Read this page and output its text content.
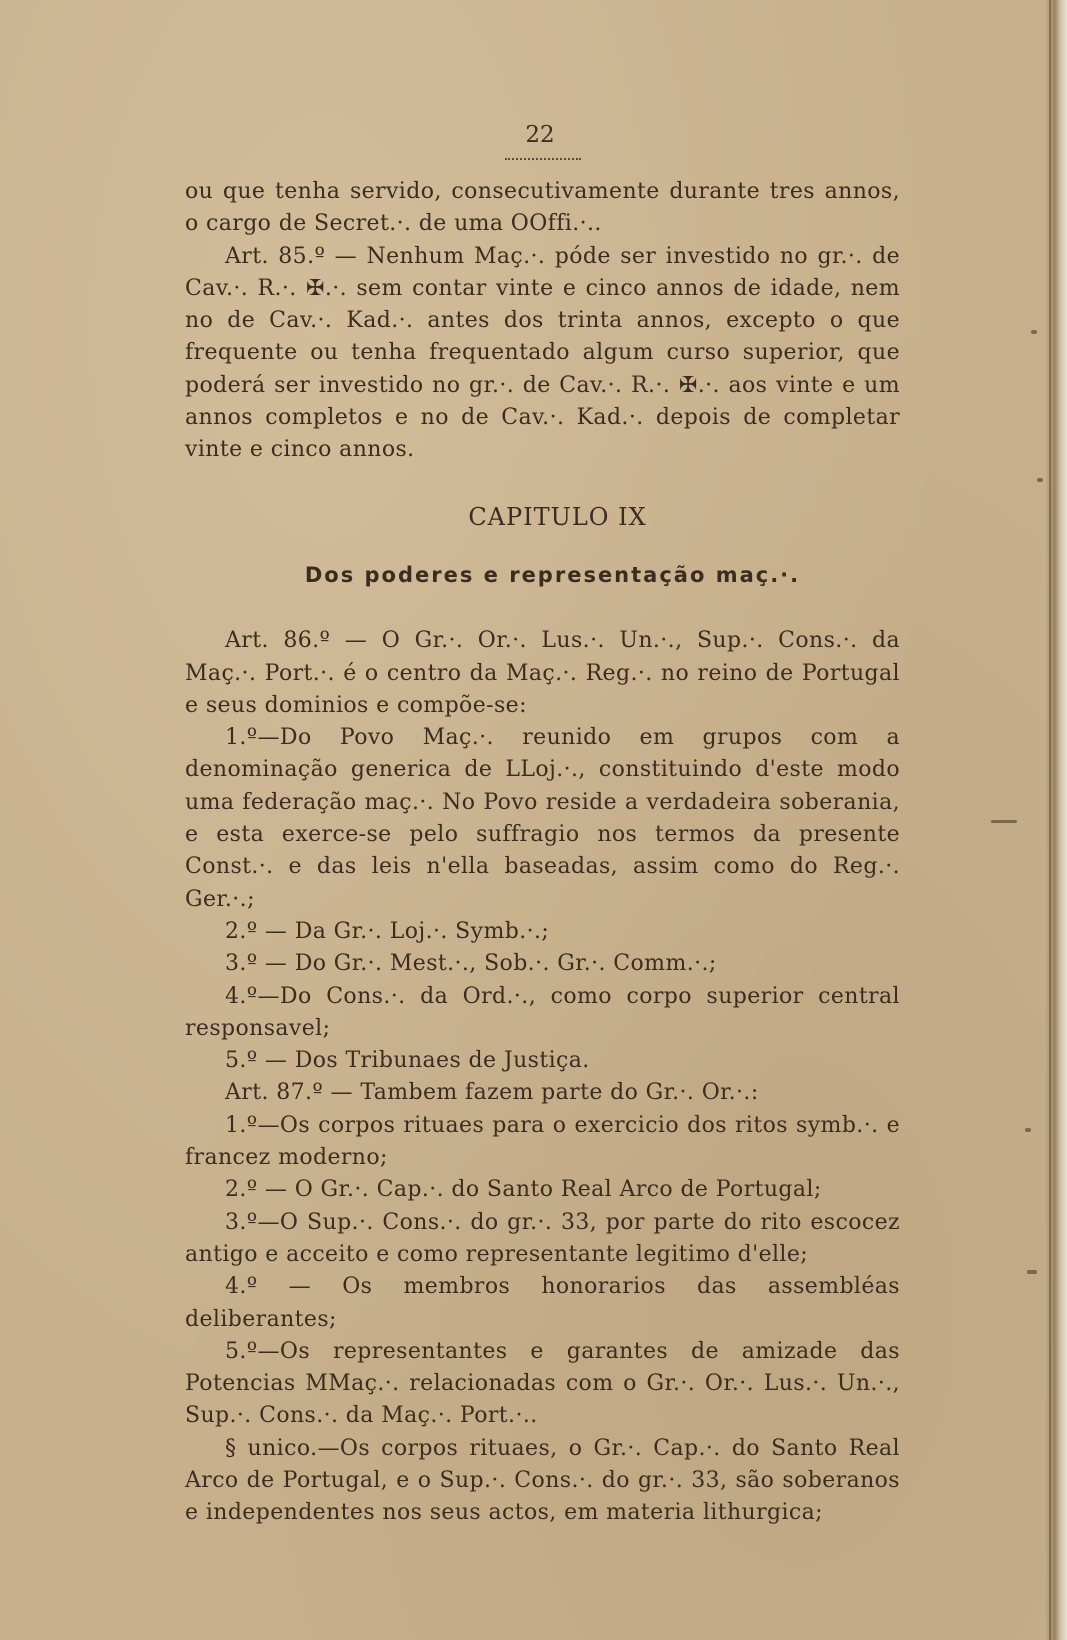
22

ou que tenha servido, consecutivamente durante tres annos, o cargo de Secret.·. de uma OOffi.·..

Art. 85.º — Nenhum Maç.·. póde ser investido no gr.·. de Cav.·. R.·. ✠.·. sem contar vinte e cinco annos de idade, nem no de Cav.·. Kad.·. antes dos trinta annos, excepto o que frequente ou tenha frequentado algum curso superior, que poderá ser investido no gr.·. de Cav.·. R.·. ✠.·. aos vinte e um annos completos e no de Cav.·. Kad.·. depois de completar vinte e cinco annos.

CAPITULO IX

Dos poderes e representação maç.·.

Art. 86.º — O Gr.·. Or.·. Lus.·. Un.·., Sup.·. Cons.·. da Maç.·. Port.·. é o centro da Maç.·. Reg.·. no reino de Portugal e seus dominios e compõe-se:

1.º—Do Povo Maç.·. reunido em grupos com a denominação generica de LLoj.·., constituindo d'este modo uma federação maç.·. No Povo reside a verdadeira soberania, e esta exerce-se pelo suffragio nos termos da presente Const.·. e das leis n'ella baseadas, assim como do Reg.·. Ger.·.;

2.º — Da Gr.·. Loj.·. Symb.·.;

3.º — Do Gr.·. Mest.·., Sob.·. Gr.·. Comm.·.;

4.º—Do Cons.·. da Ord.·., como corpo superior central responsavel;

5.º — Dos Tribunaes de Justiça.

Art. 87.º — Tambem fazem parte do Gr.·. Or.·.:

1.º—Os corpos rituaes para o exercicio dos ritos symb.·. e francez moderno;

2.º — O Gr.·. Cap.·. do Santo Real Arco de Portugal;

3.º—O Sup.·. Cons.·. do gr.·. 33, por parte do rito escocez antigo e acceito e como representante legitimo d'elle;

4.º — Os membros honorarios das assembléas deliberantes;

5.º—Os representantes e garantes de amizade das Potencias MMaç.·. relacionadas com o Gr.·. Or.·. Lus.·. Un.·., Sup.·. Cons.·. da Maç.·. Port.·..

§ unico.—Os corpos rituaes, o Gr.·. Cap.·. do Santo Real Arco de Portugal, e o Sup.·. Cons.·. do gr.·. 33, são soberanos e independentes nos seus actos, em materia lithurgica;
